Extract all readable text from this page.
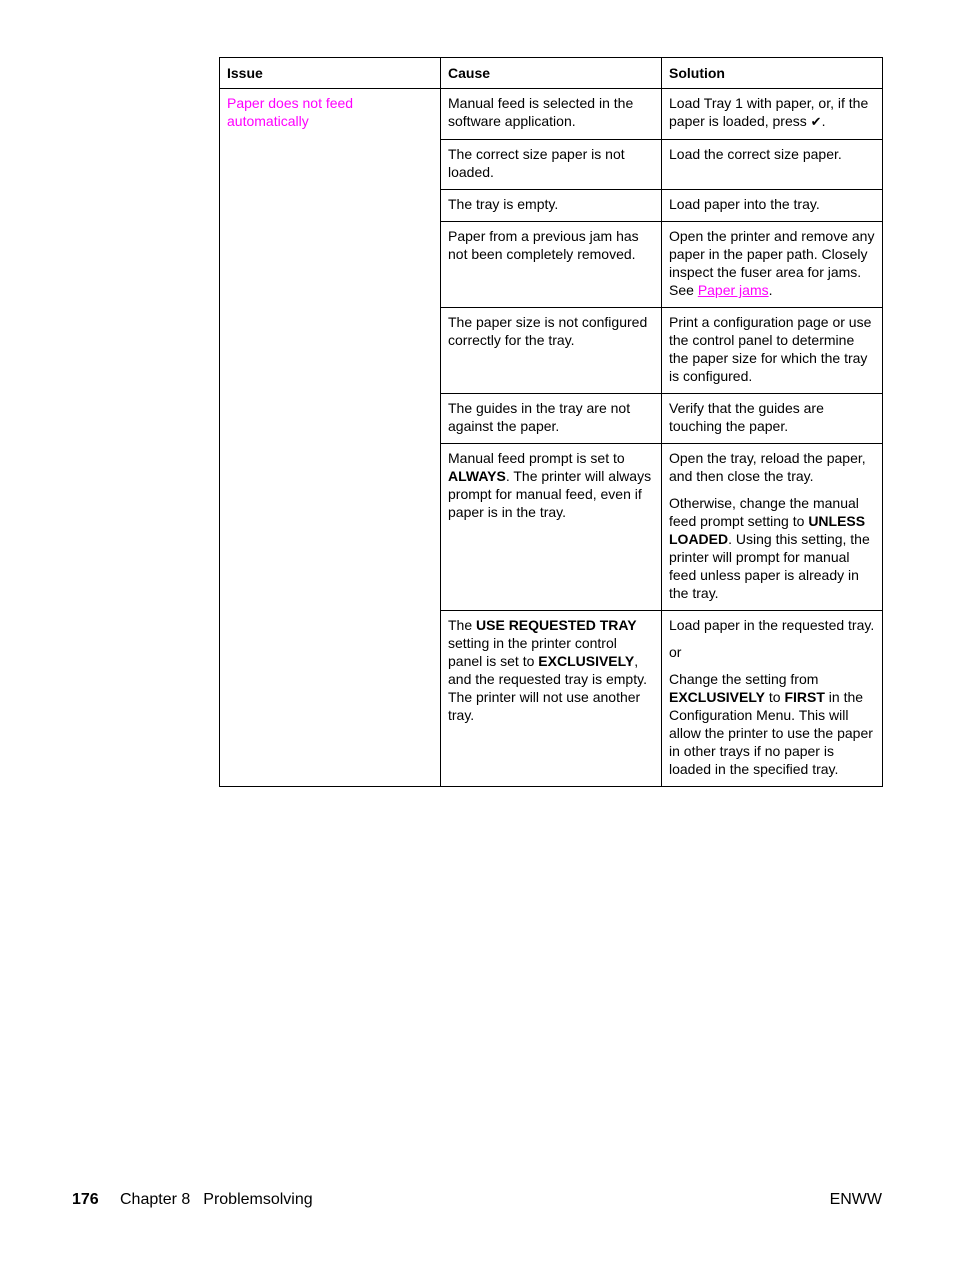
Issue	Cause	Solution
Paper does not feed automatically	Manual feed is selected in the software application.	Load Tray 1 with paper, or, if the paper is loaded, press ✔.
	The correct size paper is not loaded.	Load the correct size paper.
	The tray is empty.	Load paper into the tray.
	Paper from a previous jam has not been completely removed.	Open the printer and remove any paper in the paper path. Closely inspect the fuser area for jams. See Paper jams.
	The paper size is not configured correctly for the tray.	Print a configuration page or use the control panel to determine the paper size for which the tray is configured.
	The guides in the tray are not against the paper.	Verify that the guides are touching the paper.
	Manual feed prompt is set to ALWAYS. The printer will always prompt for manual feed, even if paper is in the tray.	Open the tray, reload the paper, and then close the tray.

Otherwise, change the manual feed prompt setting to UNLESS LOADED. Using this setting, the printer will prompt for manual feed unless paper is already in the tray.

	The USE REQUESTED TRAY setting in the printer control panel is set to EXCLUSIVELY, and the requested tray is empty. The printer will not use another tray.	Load paper in the requested tray.

or

Change the setting from EXCLUSIVELY to FIRST in the Configuration Menu. This will allow the printer to use the paper in other trays if no paper is loaded in the specified tray.

176 Chapter 8 Problemsolving	ENWW
